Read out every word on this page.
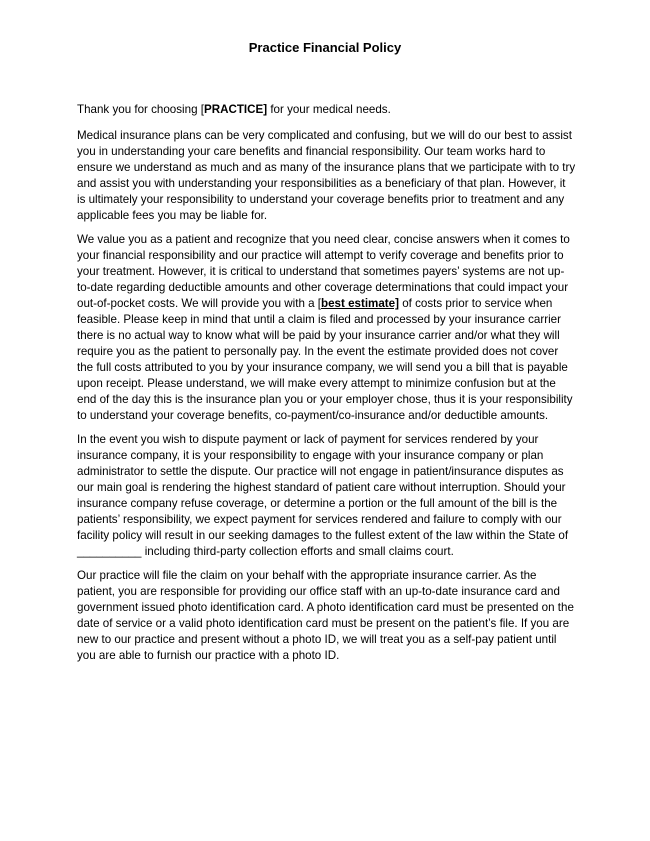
Practice Financial Policy

Thank you for choosing [PRACTICE] for your medical needs.

Medical insurance plans can be very complicated and confusing, but we will do our best to assist you in understanding your care benefits and financial responsibility. Our team works hard to ensure we understand as much and as many of the insurance plans that we participate with to try and assist you with understanding your responsibilities as a beneficiary of that plan. However, it is ultimately your responsibility to understand your coverage benefits prior to treatment and any applicable fees you may be liable for.

We value you as a patient and recognize that you need clear, concise answers when it comes to your financial responsibility and our practice will attempt to verify coverage and benefits prior to your treatment. However, it is critical to understand that sometimes payers’ systems are not up-to-date regarding deductible amounts and other coverage determinations that could impact your out-of-pocket costs. We will provide you with a [best estimate] of costs prior to service when feasible. Please keep in mind that until a claim is filed and processed by your insurance carrier there is no actual way to know what will be paid by your insurance carrier and/or what they will require you as the patient to personally pay. In the event the estimate provided does not cover the full costs attributed to you by your insurance company, we will send you a bill that is payable upon receipt. Please understand, we will make every attempt to minimize confusion but at the end of the day this is the insurance plan you or your employer chose, thus it is your responsibility to understand your coverage benefits, co-payment/co-insurance and/or deductible amounts.

In the event you wish to dispute payment or lack of payment for services rendered by your insurance company, it is your responsibility to engage with your insurance company or plan administrator to settle the dispute. Our practice will not engage in patient/insurance disputes as our main goal is rendering the highest standard of patient care without interruption. Should your insurance company refuse coverage, or determine a portion or the full amount of the bill is the patients’ responsibility, we expect payment for services rendered and failure to comply with our facility policy will result in our seeking damages to the fullest extent of the law within the State of __________ including third-party collection efforts and small claims court.

Our practice will file the claim on your behalf with the appropriate insurance carrier. As the patient, you are responsible for providing our office staff with an up-to-date insurance card and government issued photo identification card. A photo identification card must be presented on the date of service or a valid photo identification card must be present on the patient’s file. If you are new to our practice and present without a photo ID, we will treat you as a self-pay patient until you are able to furnish our practice with a photo ID.
